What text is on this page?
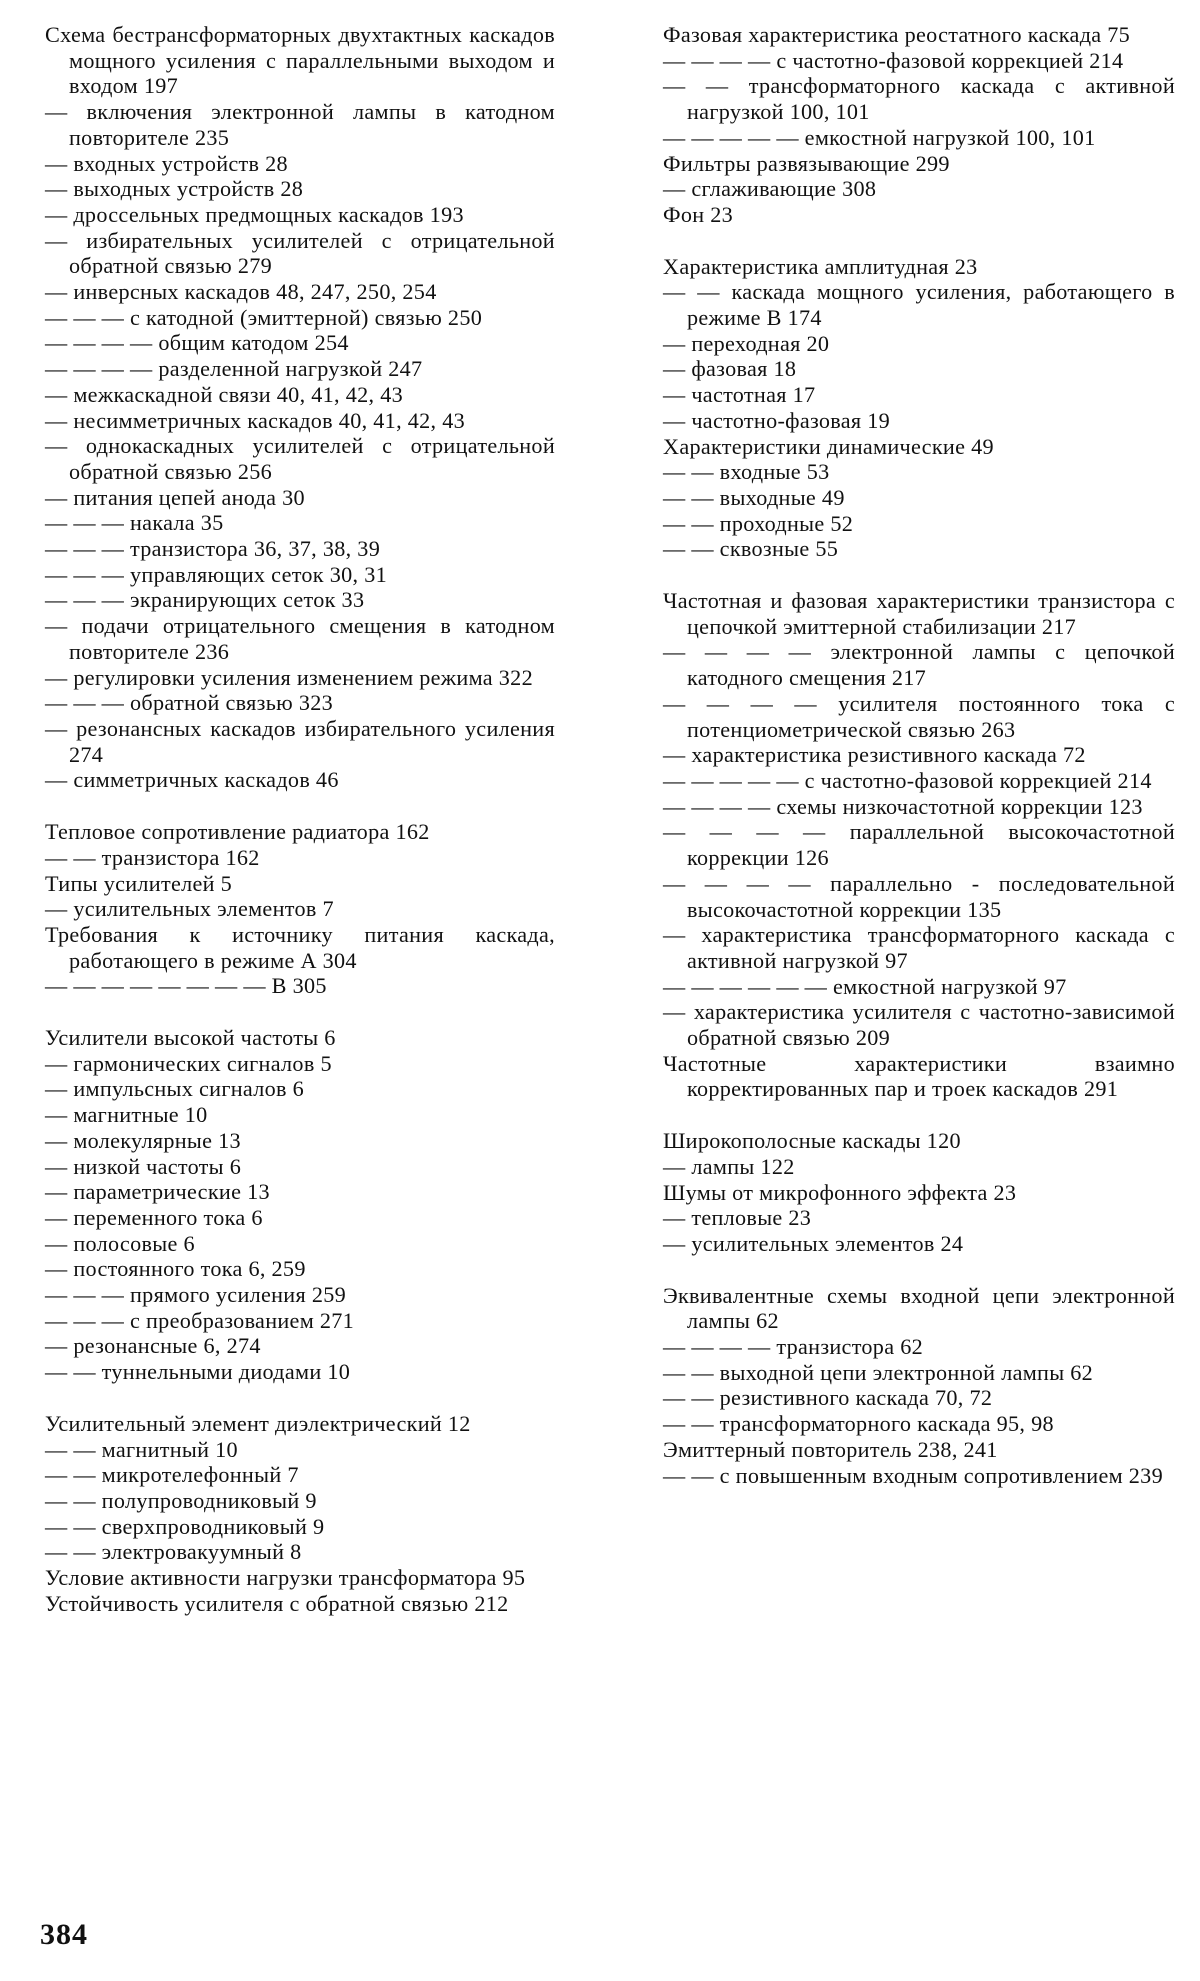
Схема бестрансформаторных двухтактных каскадов мощного усиления с параллельными выходом и входом 197

— включения электронной лампы в катодном повторителе 235

— входных устройств 28

— выходных устройств 28

— дроссельных предмощных каскадов 193

— избирательных усилителей с отрицательной обратной связью 279

— инверсных каскадов 48, 247, 250, 254

— — — с катодной (эмиттерной) связью 250

— — — — общим катодом 254

— — — — разделенной нагрузкой 247

— межкаскадной связи 40, 41, 42, 43

— несимметричных каскадов 40, 41, 42, 43

— однокаскадных усилителей с отрицательной обратной связью 256

— питания цепей анода 30

— — — накала 35

— — — транзистора 36, 37, 38, 39

— — — управляющих сеток 30, 31

— — — экранирующих сеток 33

— подачи отрицательного смещения в катодном повторителе 236

— регулировки усиления изменением режима 322

— — — обратной связью 323

— резонансных каскадов избирательного усиления 274

— симметричных каскадов 46

Тепловое сопротивление радиатора 162

— — транзистора 162

Типы усилителей 5

— усилительных элементов 7

Требования к источнику питания каскада, работающего в режиме А 304

— — — — — — — — В 305

Усилители высокой частоты 6

— гармонических сигналов 5

— импульсных сигналов 6

— магнитные 10

— молекулярные 13

— низкой частоты 6

— параметрические 13

— переменного тока 6

— полосовые 6

— постоянного тока 6, 259

— — — прямого усиления 259

— — — с преобразованием 271

— резонансные 6, 274

— — туннельными диодами 10

Усилительный элемент диэлектрический 12

— — магнитный 10

— — микротелефонный 7

— — полупроводниковый 9

— — сверхпроводниковый 9

— — электровакуумный 8

Условие активности нагрузки трансформатора 95

Устойчивость усилителя с обратной связью 212

Фазовая характеристика реостатного каскада 75

— — — — с частотно-фазовой коррекцией 214

— — трансформаторного каскада с активной нагрузкой 100, 101

— — — — — емкостной нагрузкой 100, 101

Фильтры развязывающие 299

— сглаживающие 308

Фон 23

Характеристика амплитудная 23

— — каскада мощного усиления, работающего в режиме В 174

— переходная 20

— фазовая 18

— частотная 17

— частотно-фазовая 19

Характеристики динамические 49

— — входные 53

— — выходные 49

— — проходные 52

— — сквозные 55

Частотная и фазовая характеристики транзистора с цепочкой эмиттерной стабилизации 217

— — — — электронной лампы с цепочкой катодного смещения 217

— — — — усилителя постоянного тока с потенциометрической связью 263

— характеристика резистивного каскада 72

— — — — — с частотно-фазовой коррекцией 214

— — — — схемы низкочастотной коррекции 123

— — — — параллельной высокочастотной коррекции 126

— — — — параллельно - последовательной высокочастотной коррекции 135

— характеристика трансформаторного каскада с активной нагрузкой 97

— — — — — — емкостной нагрузкой 97

— характеристика усилителя с частотно-зависимой обратной связью 209

Частотные характеристики взаимно корректированных пар и троек каскадов 291

Широкополосные каскады 120

— лампы 122

Шумы от микрофонного эффекта 23

— тепловые 23

— усилительных элементов 24

Эквивалентные схемы входной цепи электронной лампы 62

— — — — транзистора 62

— — выходной цепи электронной лампы 62

— — резистивного каскада 70, 72

— — трансформаторного каскада 95, 98

Эмиттерный повторитель 238, 241

— — с повышенным входным сопротивлением 239

384
